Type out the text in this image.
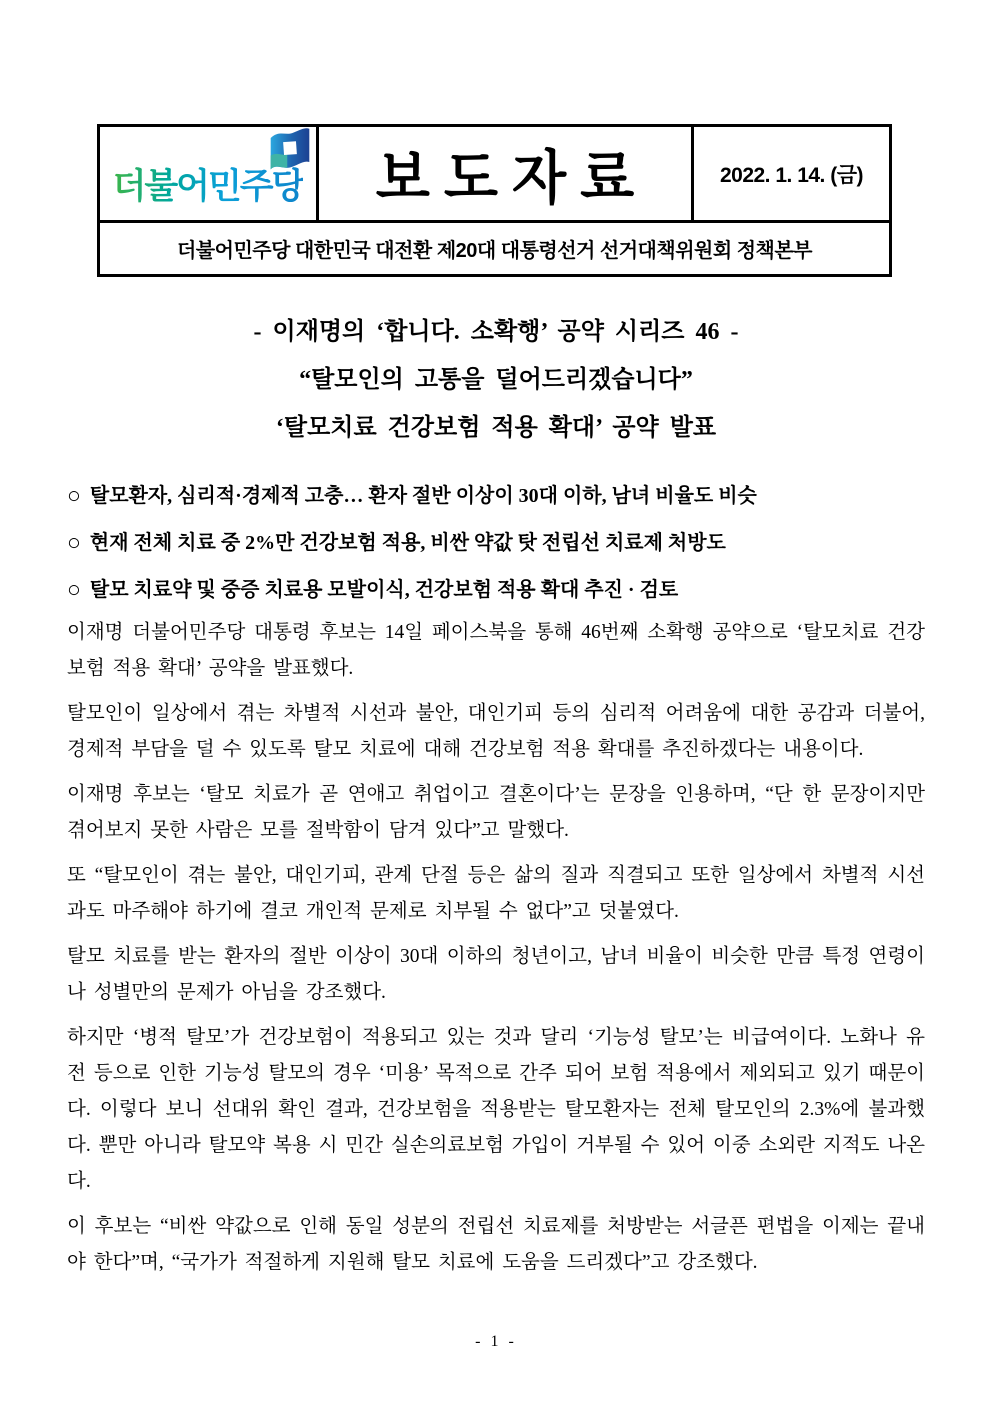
더불어민주당 보도자료	2022. 1. 14. (금)
더불어민주당 대한민국 대전환 제20대 대통령선거 선거대책위원회 정책본부
- 이재명의 ‘합니다. 소확행’ 공약 시리즈 46 -
“탈모인의 고통을 덜어드리겠습니다”
‘탈모치료 건강보험 적용 확대’ 공약 발표
○ 탈모환자, 심리적·경제적 고충… 환자 절반 이상이 30대 이하, 남녀 비율도 비슷
○ 현재 전체 치료 중 2%만 건강보험 적용, 비싼 약값 탓 전립선 치료제 처방도
○ 탈모 치료약 및 중증 치료용 모발이식, 건강보험 적용 확대 추진 · 검토

이재명 더불어민주당 대통령 후보는 14일 페이스북을 통해 46번째 소확행 공약으로 ‘탈모치료 건강보험 적용 확대’ 공약을 발표했다.

탈모인이 일상에서 겪는 차별적 시선과 불안, 대인기피 등의 심리적 어려움에 대한 공감과 더불어, 경제적 부담을 덜 수 있도록 탈모 치료에 대해 건강보험 적용 확대를 추진하겠다는 내용이다.

이재명 후보는 ‘탈모 치료가 곧 연애고 취업이고 결혼이다’는 문장을 인용하며, “단 한 문장이지만 겪어보지 못한 사람은 모를 절박함이 담겨 있다”고 말했다.

또 “탈모인이 겪는 불안, 대인기피, 관계 단절 등은 삶의 질과 직결되고 또한 일상에서 차별적 시선과도 마주해야 하기에 결코 개인적 문제로 치부될 수 없다”고 덧붙였다.

탈모 치료를 받는 환자의 절반 이상이 30대 이하의 청년이고, 남녀 비율이 비슷한 만큼 특정 연령이나 성별만의 문제가 아님을 강조했다.

하지만 ‘병적 탈모’가 건강보험이 적용되고 있는 것과 달리 ‘기능성 탈모’는 비급여이다. 노화나 유전 등으로 인한 기능성 탈모의 경우 ‘미용’ 목적으로 간주 되어 보험 적용에서 제외되고 있기 때문이다. 이렇다 보니 선대위 확인 결과, 건강보험을 적용받는 탈모환자는 전체 탈모인의 2.3%에 불과했다. 뿐만 아니라 탈모약 복용 시 민간 실손의료보험 가입이 거부될 수 있어 이중 소외란 지적도 나온다.

이 후보는 “비싼 약값으로 인해 동일 성분의 전립선 치료제를 처방받는 서글픈 편법을 이제는 끝내야 한다”며, “국가가 적절하게 지원해 탈모 치료에 도움을 드리겠다”고 강조했다.

- 1 -
